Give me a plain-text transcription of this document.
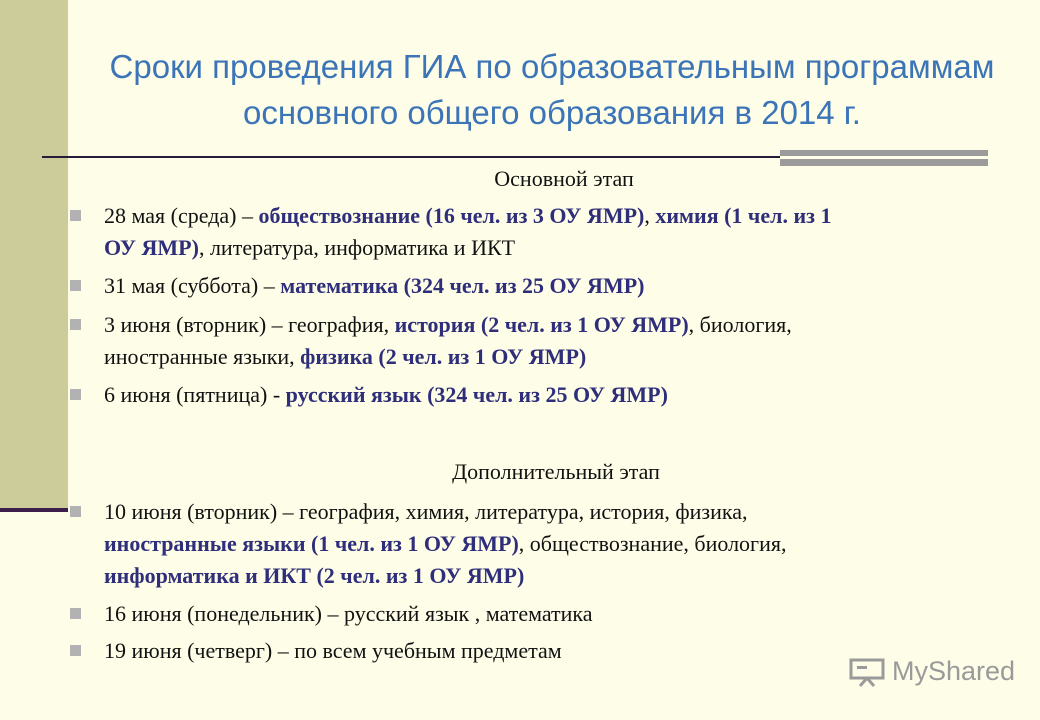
Сроки проведения ГИА по образовательным программам
основного общего образования в 2014 г.
Основной этап
28 мая (среда) – обществознание (16 чел. из 3 ОУ ЯМР), химия (1 чел. из 1
ОУ ЯМР), литература, информатика и ИКТ
31 мая (суббота) – математика (324 чел. из 25 ОУ ЯМР)
3 июня (вторник) – география, история (2 чел. из 1 ОУ ЯМР), биология,
иностранные языки, физика (2 чел. из 1 ОУ ЯМР)
6 июня (пятница) - русский язык (324 чел. из 25 ОУ ЯМР)
Дополнительный этап
10 июня (вторник) – география, химия, литература, история, физика,
иностранные языки (1 чел. из 1 ОУ ЯМР), обществознание, биология,
информатика и ИКТ (2 чел. из 1 ОУ ЯМР)
16 июня (понедельник) – русский язык , математика
19 июня (четверг) – по всем учебным предметам
MyShared
